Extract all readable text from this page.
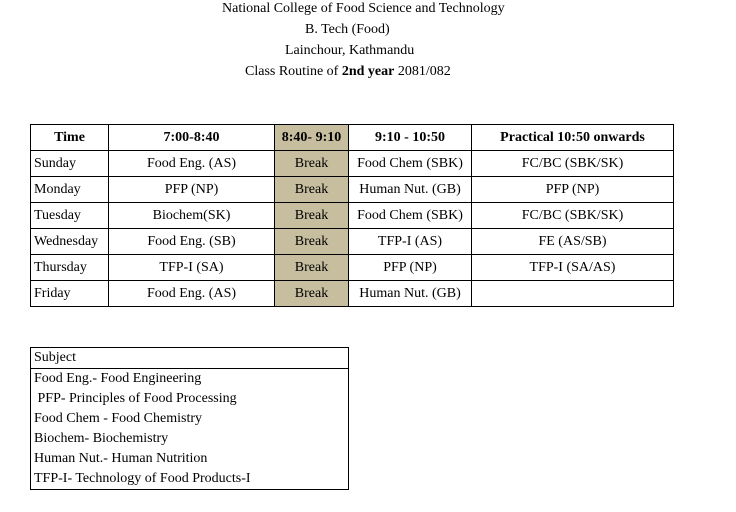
National College of Food Science and Technology
B. Tech (Food)
Lainchour, Kathmandu
Class Routine of 2nd year 2081/082
Time	7:00-8:40	8:40- 9:10	9:10 - 10:50	Practical 10:50 onwards
Sunday	Food Eng. (AS)	Break	Food Chem (SBK)	FC/BC (SBK/SK)
Monday	PFP (NP)	Break	Human Nut. (GB)	PFP (NP)
Tuesday	Biochem(SK)	Break	Food Chem (SBK)	FC/BC (SBK/SK)
Wednesday	Food Eng. (SB)	Break	TFP-I (AS)	FE (AS/SB)
Thursday	TFP-I (SA)	Break	PFP (NP)	TFP-I (SA/AS)
Friday	Food Eng. (AS)	Break	Human Nut. (GB)	
Subject
Food Eng.- Food Engineering
PFP- Principles of Food Processing
Food Chem - Food Chemistry
Biochem- Biochemistry
Human Nut.- Human Nutrition
TFP-I- Technology of Food Products-I
